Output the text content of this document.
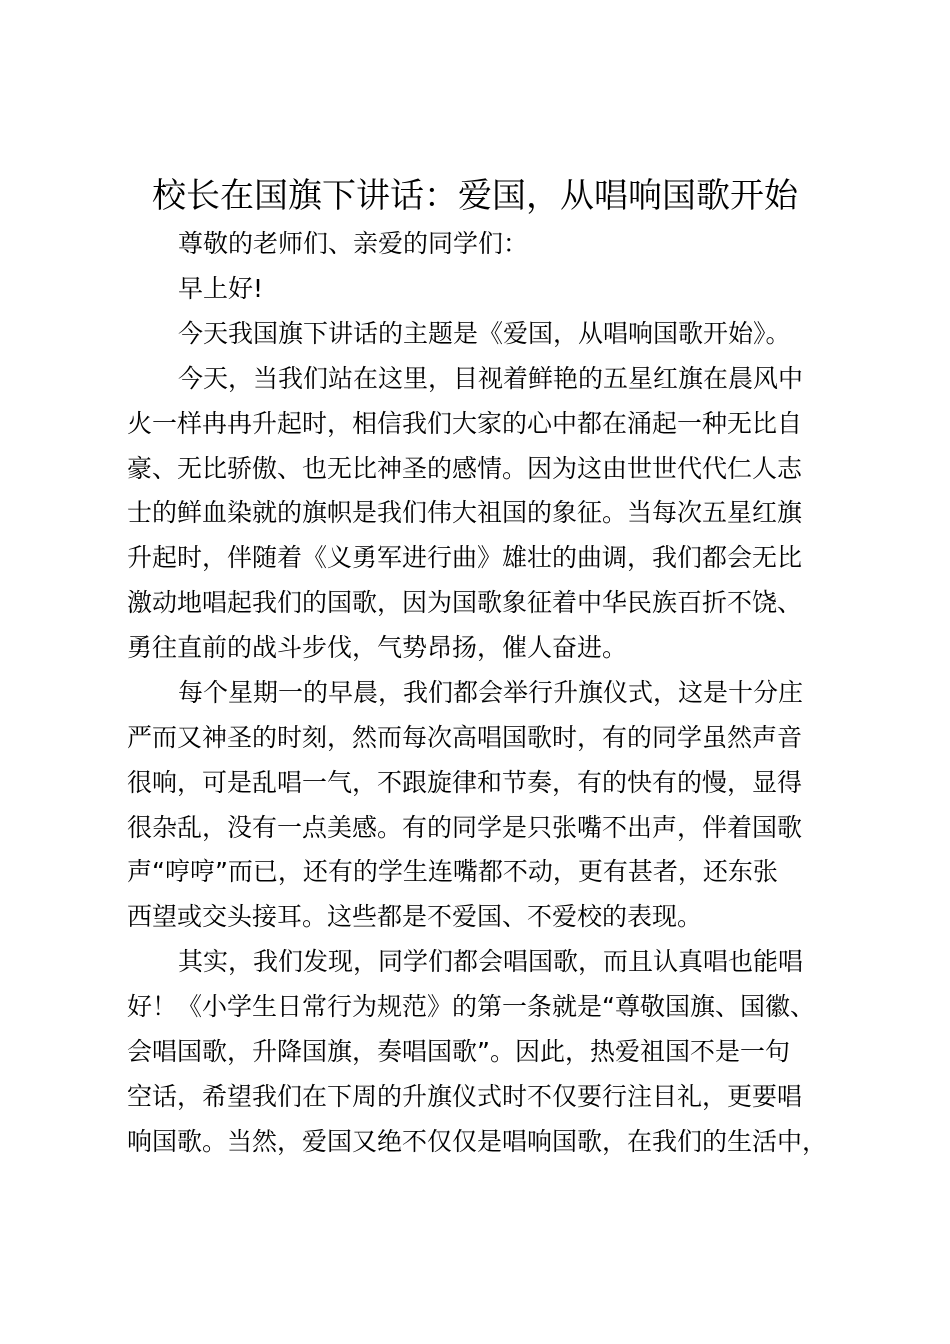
校长在国旗下讲话：爱国，从唱响国歌开始

尊敬的老师们、亲爱的同学们：

早上好!

今天我国旗下讲话的主题是《爱国，从唱响国歌开始》。

今天，当我们站在这里，目视着鲜艳的五星红旗在晨风中

火一样冉冉升起时，相信我们大家的心中都在涌起一种无比自

豪、无比骄傲、也无比神圣的感情。因为这由世世代代仁人志

士的鲜血染就的旗帜是我们伟大祖国的象征。当每次五星红旗

升起时，伴随着《义勇军进行曲》雄壮的曲调，我们都会无比

激动地唱起我们的国歌，因为国歌象征着中华民族百折不饶、

勇往直前的战斗步伐，气势昂扬，催人奋进。

每个星期一的早晨，我们都会举行升旗仪式，这是十分庄

严而又神圣的时刻，然而每次高唱国歌时，有的同学虽然声音

很响，可是乱唱一气，不跟旋律和节奏，有的快有的慢，显得

很杂乱，没有一点美感。有的同学是只张嘴不出声，伴着国歌

声“哼哼”而已，还有的学生连嘴都不动，更有甚者，还东张

西望或交头接耳。这些都是不爱国、不爱校的表现。

其实，我们发现，同学们都会唱国歌，而且认真唱也能唱

好！《小学生日常行为规范》的第一条就是“尊敬国旗、国徽、

会唱国歌，升降国旗，奏唱国歌”。因此，热爱祖国不是一句

空话，希望我们在下周的升旗仪式时不仅要行注目礼，更要唱

响国歌。当然，爱国又绝不仅仅是唱响国歌，在我们的生活中，
